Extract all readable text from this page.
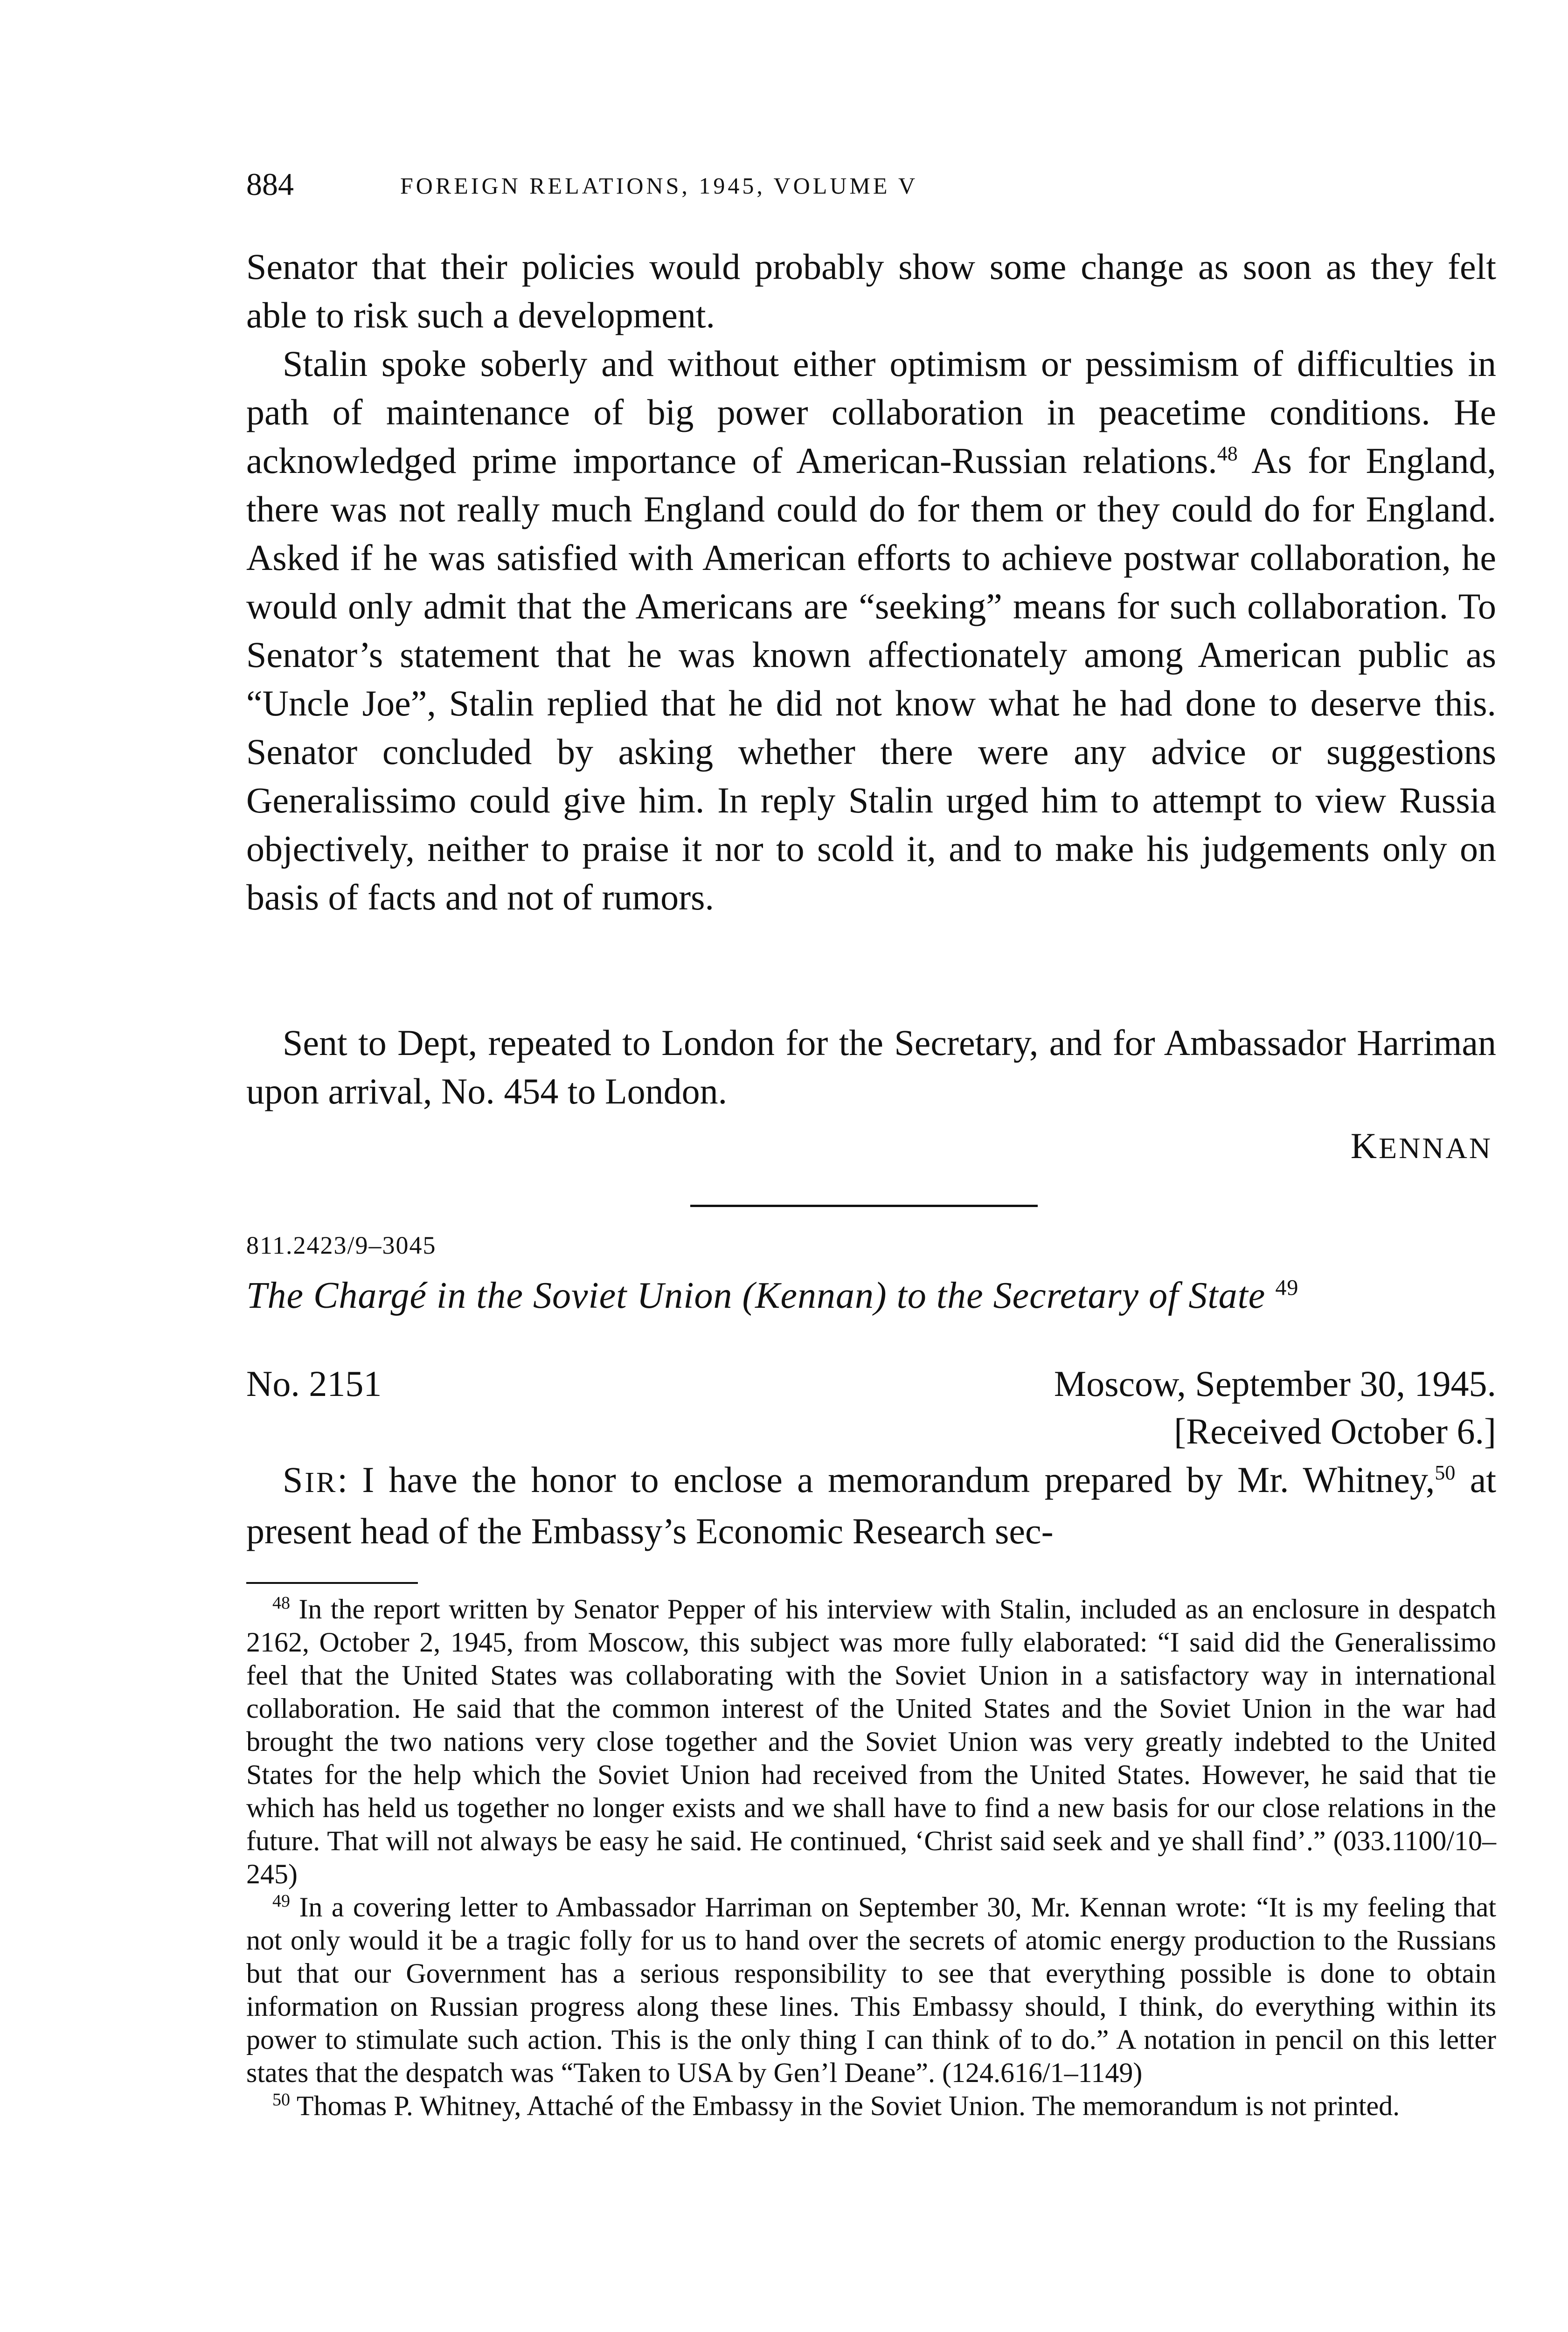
884	FOREIGN RELATIONS, 1945, VOLUME V

Senator that their policies would probably show some change as soon as they felt able to risk such a development.

Stalin spoke soberly and without either optimism or pessimism of difficulties in path of maintenance of big power collaboration in peacetime conditions. He acknowledged prime importance of American-Russian relations.$^{48}$ As for England, there was not really much England could do for them or they could do for England. Asked if he was satisfied with American efforts to achieve postwar collaboration, he would only admit that the Americans are “seeking” means for such collaboration. To Senator’s statement that he was known affectionately among American public as “Uncle Joe”, Stalin replied that he did not know what he had done to deserve this. Senator concluded by asking whether there were any advice or suggestions Generalissimo could give him. In reply Stalin urged him to attempt to view Russia objectively, neither to praise it nor to scold it, and to make his judgements only on basis of facts and not of rumors.

Sent to Dept, repeated to London for the Secretary, and for Ambassador Harriman upon arrival, No. 454 to London.

KENNAN
811.2423/9–3045
The Chargé in the Soviet Union (Kennan) to the Secretary of State $^{49}$
No. 2151	Moscow, September 30, 1945.
[Received October 6.]

SIR: I have the honor to enclose a memorandum prepared by Mr. Whitney,$^{50}$ at present head of the Embassy’s Economic Research sec-

$^{48}$ In the report written by Senator Pepper of his interview with Stalin, included as an enclosure in despatch 2162, October 2, 1945, from Moscow, this subject was more fully elaborated: “I said did the Generalissimo feel that the United States was collaborating with the Soviet Union in a satisfactory way in international collaboration. He said that the common interest of the United States and the Soviet Union in the war had brought the two nations very close together and the Soviet Union was very greatly indebted to the United States for the help which the Soviet Union had received from the United States. However, he said that tie which has held us together no longer exists and we shall have to find a new basis for our close relations in the future. That will not always be easy he said. He continued, ‘Christ said seek and ye shall find’.” (033.1100/10–245)

$^{49}$ In a covering letter to Ambassador Harriman on September 30, Mr. Kennan wrote: “It is my feeling that not only would it be a tragic folly for us to hand over the secrets of atomic energy production to the Russians but that our Government has a serious responsibility to see that everything possible is done to obtain information on Russian progress along these lines. This Embassy should, I think, do everything within its power to stimulate such action. This is the only thing I can think of to do.” A notation in pencil on this letter states that the despatch was “Taken to USA by Gen’l Deane”. (124.616/1–1149)

$^{50}$ Thomas P. Whitney, Attaché of the Embassy in the Soviet Union. The memorandum is not printed.
